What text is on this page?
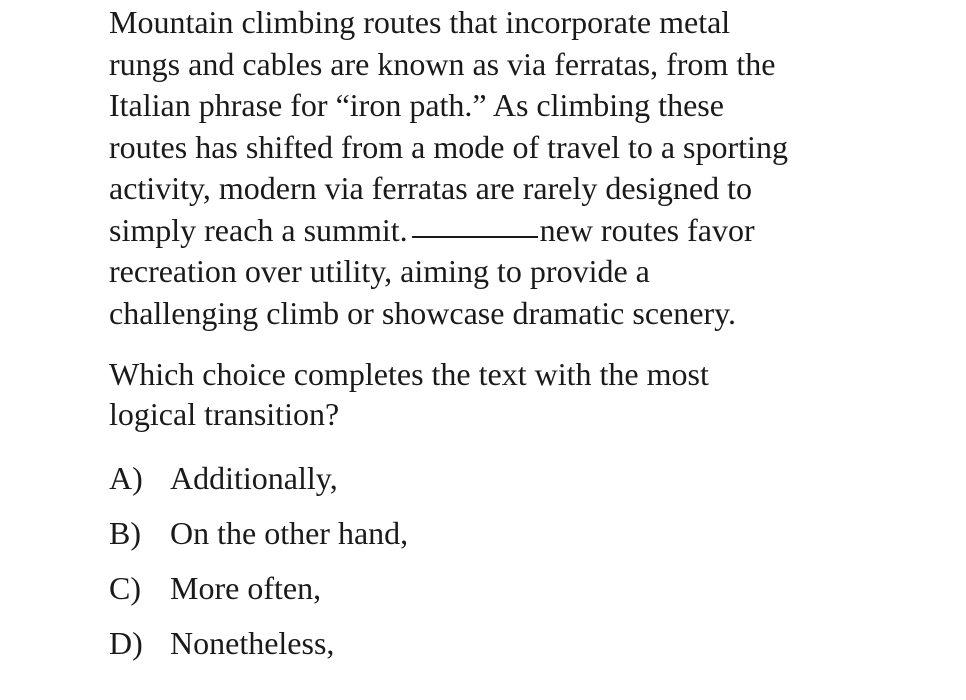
Mountain climbing routes that incorporate metal
rungs and cables are known as via ferratas, from the
Italian phrase for “iron path.” As climbing these
routes has shifted from a mode of travel to a sporting
activity, modern via ferratas are rarely designed to
simply reach a summit.	new routes favor
recreation over utility, aiming to provide a
challenging climb or showcase dramatic scenery.

Which choice completes the text with the most
logical transition?

A) Additionally,
B) On the other hand,
C) More often,
D) Nonetheless,
